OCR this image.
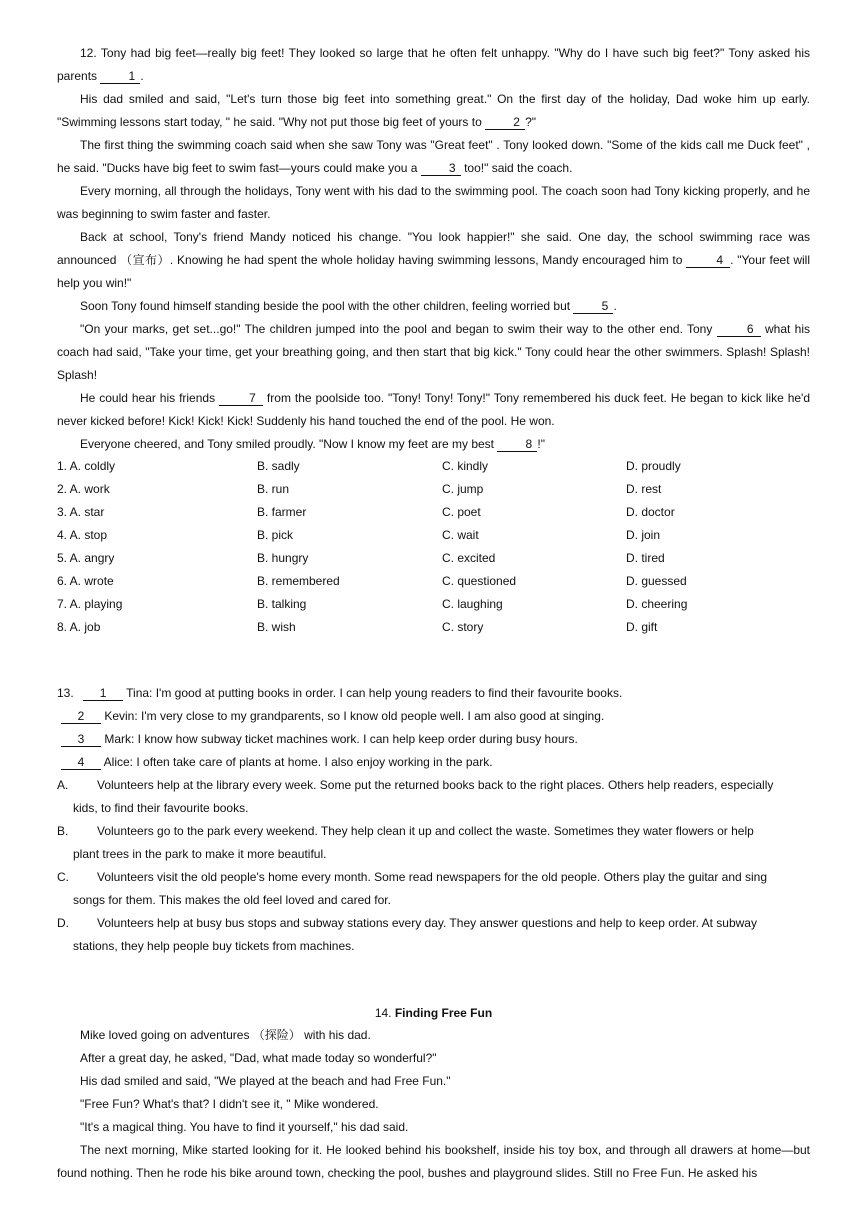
12. Tony had big feet—really big feet! They looked so large that he often felt unhappy. "Why do I have such big feet?" Tony asked his parents 1 .
His dad smiled and said, "Let's turn those big feet into something great." On the first day of the holiday, Dad woke him up early. "Swimming lessons start today, " he said. "Why not put those big feet of yours to 2 ?"
The first thing the swimming coach said when she saw Tony was "Great feet" . Tony looked down. "Some of the kids call me Duck feet" , he said. "Ducks have big feet to swim fast—yours could make you a 3 too!" said the coach.
Every morning, all through the holidays, Tony went with his dad to the swimming pool. The coach soon had Tony kicking properly, and he was beginning to swim faster and faster.
Back at school, Tony's friend Mandy noticed his change. "You look happier!" she said. One day, the school swimming race was announced （宣布）. Knowing he had spent the whole holiday having swimming lessons, Mandy encouraged him to	4 . "Your feet will help you win!"
Soon Tony found himself standing beside the pool with the other children, feeling worried but 5 .
"On your marks, get set...go!" The children jumped into the pool and began to swim their way to the other end. Tony	6 what his coach had said, "Take your time, get your breathing going, and then start that big kick." Tony could hear the other swimmers. Splash! Splash! Splash!
He could hear his friends	7 from the poolside too. "Tony! Tony! Tony!" Tony remembered his duck feet. He began to kick like he'd never kicked before! Kick! Kick! Kick! Suddenly his hand touched the end of the pool. He won.
Everyone cheered, and Tony smiled proudly. "Now I know my feet are my best 8 !"
1. A. coldly	B. sadly	C. kindly	D. proudly
2. A. work	B. run	C. jump	D. rest
3. A. star	B. farmer	C. poet	D. doctor
4. A. stop	B. pick	C. wait	D. join
5. A. angry	B. hungry	C. excited	D. tired
6. A. wrote	B. remembered	C. questioned	D. guessed
7. A. playing	B. talking	C. laughing	D. cheering
8. A. job	B. wish	C. story	D. gift
13. 1 Tina: I'm good at putting books in order. I can help young readers to find their favourite books.
2 Kevin: I'm very close to my grandparents, so I know old people well. I am also good at singing.
3 Mark: I know how subway ticket machines work. I can help keep order during busy hours.
4 Alice: I often take care of plants at home. I also enjoy working in the park.
A.	Volunteers help at the library every week. Some put the returned books back to the right places. Others help readers, especially
kids, to find their favourite books.
B.	Volunteers go to the park every weekend. They help clean it up and collect the waste. Sometimes they water flowers or help
plant trees in the park to make it more beautiful.
C.	Volunteers visit the old people's home every month. Some read newspapers for the old people. Others play the guitar and sing
songs for them. This makes the old feel loved and cared for.
D.	Volunteers help at busy bus stops and subway stations every day. They answer questions and help to keep order. At subway
stations, they help people buy tickets from machines.
14. Finding Free Fun
Mike loved going on adventures （探险） with his dad.
After a great day, he asked, "Dad, what made today so wonderful?"
His dad smiled and said, "We played at the beach and had Free Fun."
"Free Fun? What's that? I didn't see it, " Mike wondered.
"It's a magical thing. You have to find it yourself," his dad said.
The next morning, Mike started looking for it. He looked behind his bookshelf, inside his toy box, and through all drawers at home—but found nothing. Then he rode his bike around town, checking the pool, bushes and playground slides. Still no Free Fun. He asked his
